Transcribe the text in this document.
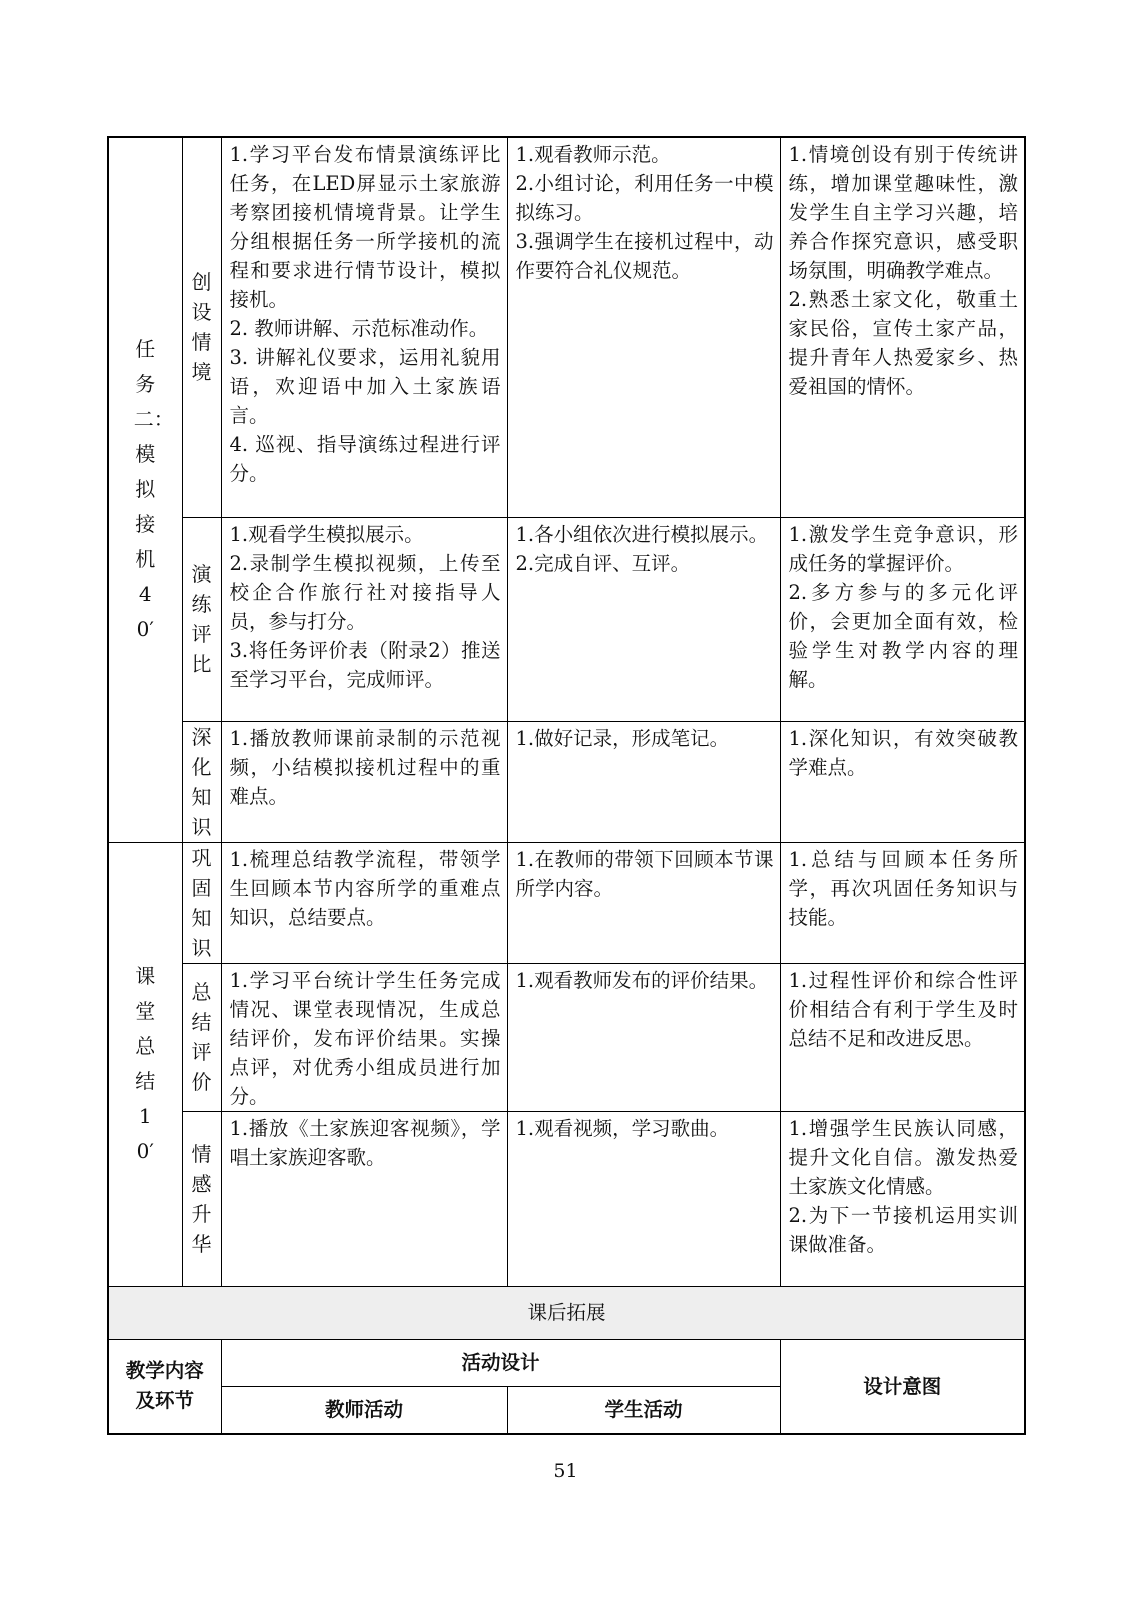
任务二：模拟接机40′	创设情境	1.学习平台发布情景演练评比任务，在LED屏显示土家旅游考察团接机情境背景。让学生分组根据任务一所学接机的流程和要求进行情节设计，模拟接机。
2. 教师讲解、示范标准动作。
3. 讲解礼仪要求，运用礼貌用语，欢迎语中加入土家族语言。
4. 巡视、指导演练过程进行评分。	1.观看教师示范。
2.小组讨论，利用任务一中模拟练习。
3.强调学生在接机过程中，动作要符合礼仪规范。	1.情境创设有别于传统讲练，增加课堂趣味性，激发学生自主学习兴趣，培养合作探究意识，感受职场氛围，明确教学难点。
2.熟悉土家文化，敬重土家民俗，宣传土家产品，提升青年人热爱家乡、热爱祖国的情怀。

	演练评比	1.观看学生模拟展示。
2.录制学生模拟视频，上传至校企合作旅行社对接指导人员，参与打分。
3.将任务评价表（附录2）推送至学习平台，完成师评。	1.各小组依次进行模拟展示。
2.完成自评、互评。	1.激发学生竞争意识，形成任务的掌握评价。
2.多方参与的多元化评价，会更加全面有效，检验学生对教学内容的理解。

	深化知识	1.播放教师课前录制的示范视频，小结模拟接机过程中的重难点。	1.做好记录，形成笔记。	1.深化知识，有效突破教学难点。

课堂总结10′	巩固知识	1.梳理总结教学流程，带领学生回顾本节内容所学的重难点知识，总结要点。	1.在教师的带领下回顾本节课所学内容。	1.总结与回顾本任务所学，再次巩固任务知识与技能。

	总结评价	1.学习平台统计学生任务完成情况、课堂表现情况，生成总结评价，发布评价结果。实操点评，对优秀小组成员进行加分。	1.观看教师发布的评价结果。	1.过程性评价和综合性评价相结合有利于学生及时总结不足和改进反思。

	情感升华	1.播放《土家族迎客视频》，学唱土家族迎客歌。	1.观看视频，学习歌曲。	1.增强学生民族认同感，提升文化自信。激发热爱土家族文化情感。
2.为下一节接机运用实训课做准备。

课后拓展				
教学内容及环节		活动设计		设计意图
		教师活动	学生活动	
51
